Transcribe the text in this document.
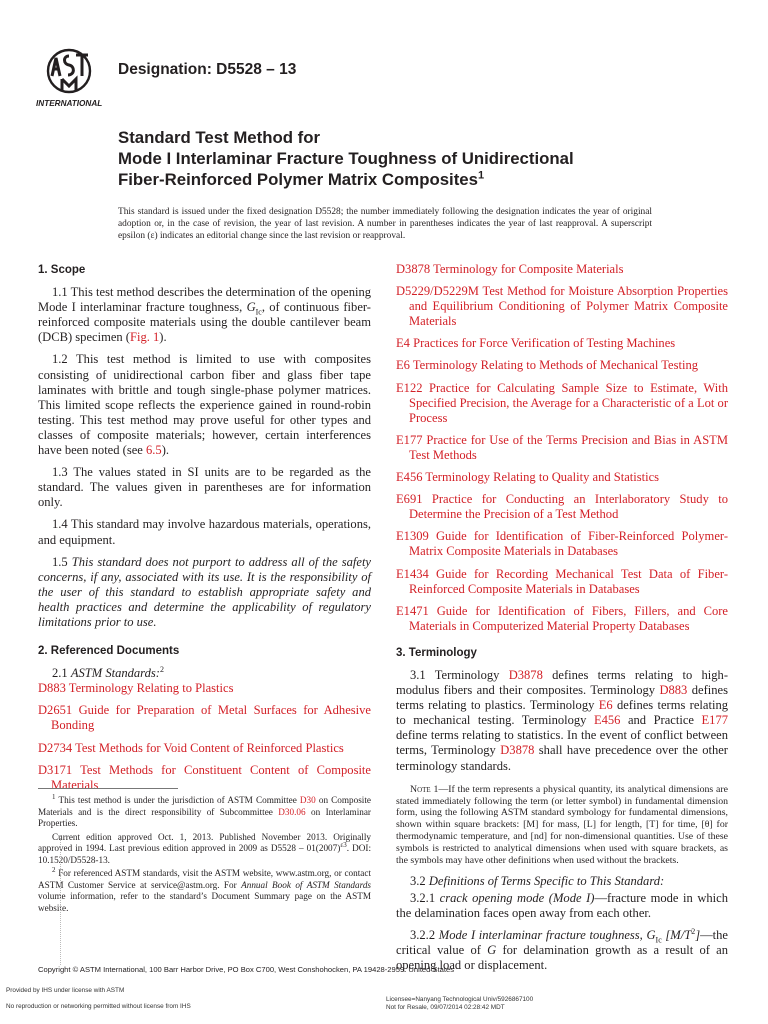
INTERNATIONAL
Designation: D5528 – 13
Standard Test Method for
Mode I Interlaminar Fracture Toughness of Unidirectional
Fiber-Reinforced Polymer Matrix Composites$^1$
This standard is issued under the fixed designation D5528; the number immediately following the designation indicates the year of original adoption or, in the case of revision, the year of last revision. A number in parentheses indicates the year of last reapproval. A superscript epsilon (ε) indicates an editorial change since the last revision or reapproval.
1. Scope

1.1 This test method describes the determination of the opening Mode I interlaminar fracture toughness, $G_{Ic}$, of continuous fiber-reinforced composite materials using the double cantilever beam (DCB) specimen (Fig. 1).

1.2 This test method is limited to use with composites consisting of unidirectional carbon fiber and glass fiber tape laminates with brittle and tough single-phase polymer matrices. This limited scope reflects the experience gained in round-robin testing. This test method may prove useful for other types and classes of composite materials; however, certain interferences have been noted (see 6.5).

1.3 The values stated in SI units are to be regarded as the standard. The values given in parentheses are for information only.

1.4 This standard may involve hazardous materials, operations, and equipment.

1.5 This standard does not purport to address all of the safety concerns, if any, associated with its use. It is the responsibility of the user of this standard to establish appropriate safety and health practices and determine the applicability of regulatory limitations prior to use.

2. Referenced Documents

2.1 ASTM Standards:$^2$

D883 Terminology Relating to Plastics

D2651 Guide for Preparation of Metal Surfaces for Adhesive Bonding

D2734 Test Methods for Void Content of Reinforced Plastics

D3171 Test Methods for Constituent Content of Composite Materials

D3878 Terminology for Composite Materials

D5229/D5229M Test Method for Moisture Absorption Properties and Equilibrium Conditioning of Polymer Matrix Composite Materials

E4 Practices for Force Verification of Testing Machines

E6 Terminology Relating to Methods of Mechanical Testing

E122 Practice for Calculating Sample Size to Estimate, With Specified Precision, the Average for a Characteristic of a Lot or Process

E177 Practice for Use of the Terms Precision and Bias in ASTM Test Methods

E456 Terminology Relating to Quality and Statistics

E691 Practice for Conducting an Interlaboratory Study to Determine the Precision of a Test Method

E1309 Guide for Identification of Fiber-Reinforced Polymer-Matrix Composite Materials in Databases

E1434 Guide for Recording Mechanical Test Data of Fiber-Reinforced Composite Materials in Databases

E1471 Guide for Identification of Fibers, Fillers, and Core Materials in Computerized Material Property Databases

3. Terminology

3.1 Terminology D3878 defines terms relating to high-modulus fibers and their composites. Terminology D883 defines terms relating to plastics. Terminology E6 defines terms relating to mechanical testing. Terminology E456 and Practice E177 define terms relating to statistics. In the event of conflict between terms, Terminology D3878 shall have precedence over the other terminology standards.

Note 1—If the term represents a physical quantity, its analytical dimensions are stated immediately following the term (or letter symbol) in fundamental dimension form, using the following ASTM standard symbology for fundamental dimensions, shown within square brackets: [M] for mass, [L] for length, [T] for time, [θ] for thermodynamic temperature, and [nd] for non-dimensional quantities. Use of these symbols is restricted to analytical dimensions when used with square brackets, as the symbols may have other definitions when used without the brackets.

3.2 Definitions of Terms Specific to This Standard:

3.2.1 crack opening mode (Mode I)—fracture mode in which the delamination faces open away from each other.

3.2.2 Mode I interlaminar fracture toughness, $G_{Ic}$ $[M/T^2]—the$ critical value of G for delamination growth as a result of an opening load or displacement.

$^1$ This test method is under the jurisdiction of ASTM Committee D30 on Composite Materials and is the direct responsibility of Subcommittee D30.06 on Interlaminar Properties.

Current edition approved Oct. 1, 2013. Published November 2013. Originally approved in 1994. Last previous edition approved in 2009 as $D5528 - 01(2007)^{\varepsilon 3}$. DOI: 10.1520/D5528-13.

$^2$ For referenced ASTM standards, visit the ASTM website, www.astm.org, or contact ASTM Customer Service at service@astm.org. For Annual Book of ASTM Standards volume information, refer to the standard’s Document Summary page on the ASTM website.

Copyright © ASTM International, 100 Barr Harbor Drive, PO Box C700, West Conshohocken, PA 19428-2959. United States
Provided by IHS under license with ASTM
No reproduction or networking permitted without license from IHS
Licensee=Nanyang Technological Univ/5926867100
Not for Resale, 09/07/2014 02:28:42 MDT
